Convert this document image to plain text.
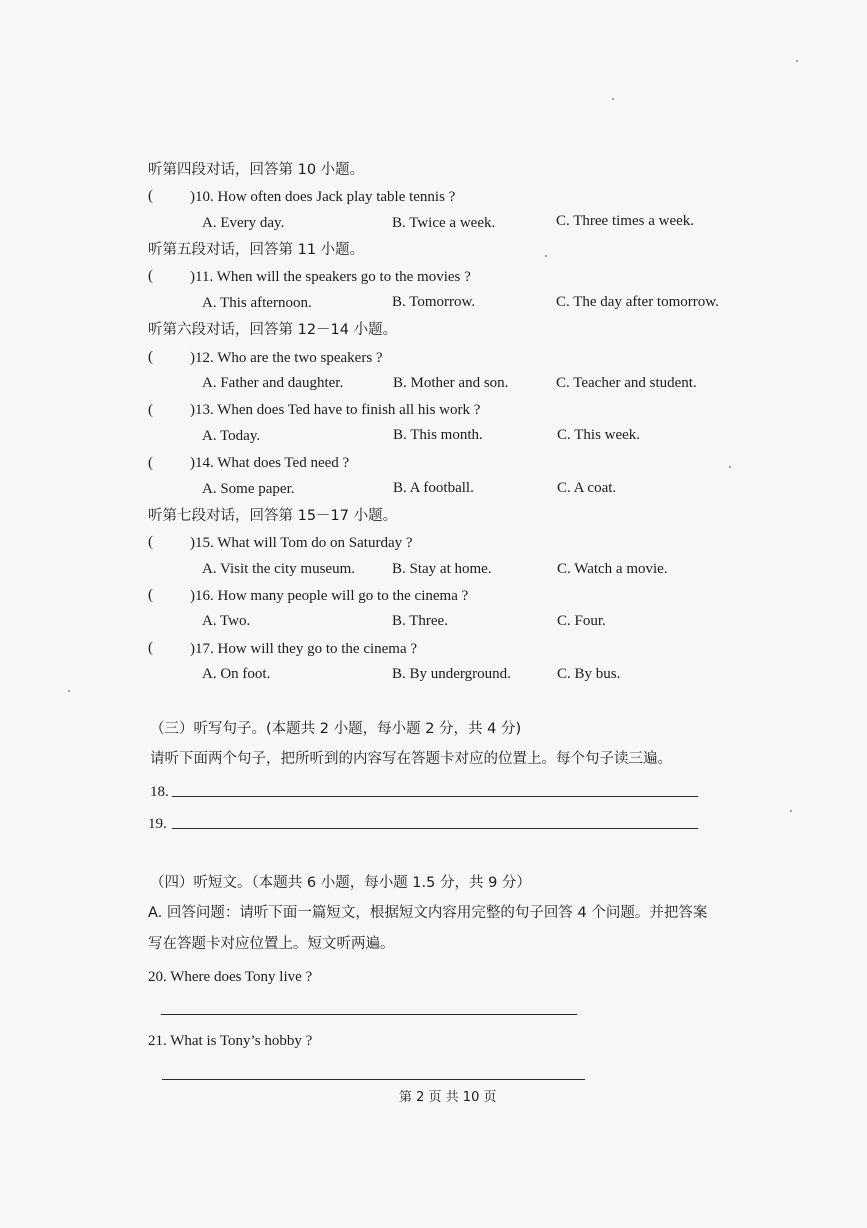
听第四段对话，回答第 10 小题。
( )10. How often does Jack play table tennis ?
A. Every day.	B. Twice a week.	C. Three times a week.
听第五段对话，回答第 11 小题。
( )11. When will the speakers go to the movies ?
A. This afternoon.	B. Tomorrow.	C. The day after tomorrow.
听第六段对话，回答第 12－14 小题。
( )12. Who are the two speakers ?
A. Father and daughter.	B. Mother and son.	C. Teacher and student.
( )13. When does Ted have to finish all his work ?
A. Today.	B. This month.	C. This week.
( )14. What does Ted need ?
A. Some paper.	B. A football.	C. A coat.
听第七段对话，回答第 15－17 小题。
( )15. What will Tom do on Saturday ?
A. Visit the city museum. B. Stay at home.	C. Watch a movie.
( )16. How many people will go to the cinema ?
A. Two.	B. Three.	C. Four.
( )17. How will they go to the cinema ?
A. On foot.	B. By underground.	C. By bus.
（三）听写句子。(本题共 2 小题，每小题 2 分，共 4 分)
请听下面两个句子，把所听到的内容写在答题卡对应的位置上。每个句子读三遍。
18.
19.
（四）听短文。（本题共 6 小题，每小题 1.5 分，共 9 分）
A. 回答问题：请听下面一篇短文，根据短文内容用完整的句子回答 4 个问题。并把答案
写在答题卡对应位置上。短文听两遍。
20. Where does Tony live ?
21. What is Tony’s hobby ?
第 2 页 共 10 页
